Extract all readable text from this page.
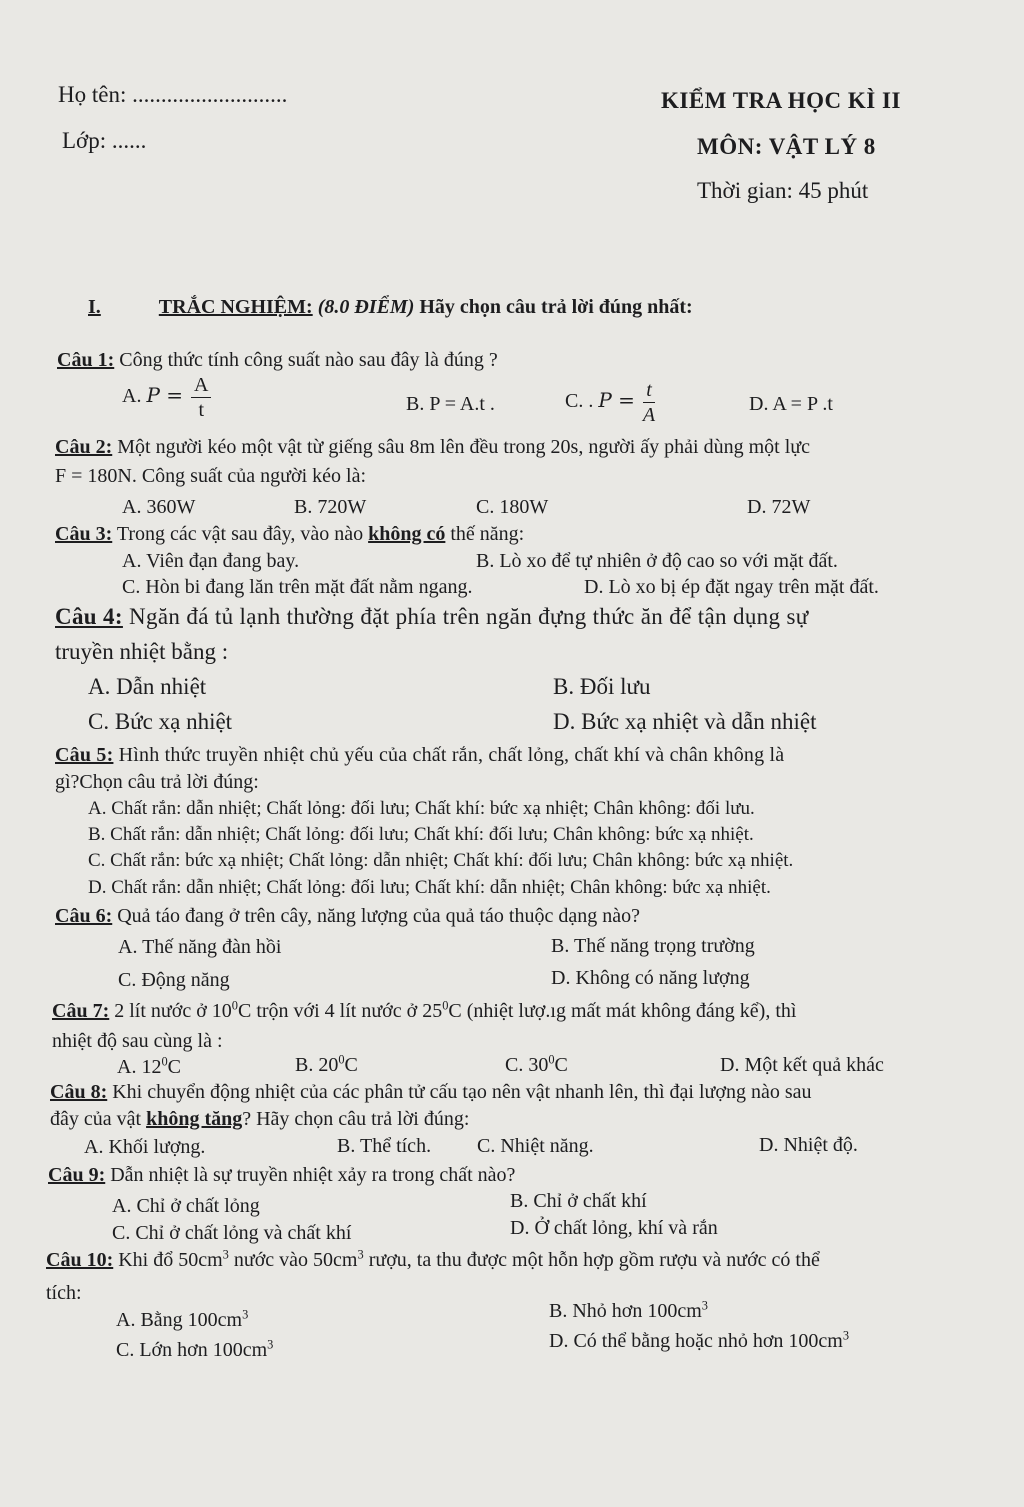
Họ tên: ...........................
Lớp: ......
KIỂM TRA HỌC KÌ II
MÔN: VẬT LÝ 8
Thời gian: 45 phút
I.	TRẮC NGHIỆM: (8.0 ĐIỂM) Hãy chọn câu trả lời đúng nhất:
Câu 1: Công thức tính công suất nào sau đây là đúng ?
A. $P = \frac{A}{t}$	B. P = A.t .	C. . $P = \frac{t}{A}$	D. A = P .t
Câu 2: Một người kéo một vật từ giếng sâu 8m lên đều trong 20s, người ấy phải dùng một lực
F = 180N. Công suất của người kéo là:
A. 360W	B. 720W	C. 180W	D. 72W
Câu 3: Trong các vật sau đây, vào nào không có thế năng:
A. Viên đạn đang bay.	B. Lò xo để tự nhiên ở độ cao so với mặt đất.
C. Hòn bi đang lăn trên mặt đất nằm ngang.	D. Lò xo bị ép đặt ngay trên mặt đất.
Câu 4: Ngăn đá tủ lạnh thường đặt phía trên ngăn đựng thức ăn để tận dụng sự
truyền nhiệt bằng :
A. Dẫn nhiệt	B. Đối lưu
C. Bức xạ nhiệt	D. Bức xạ nhiệt và dẫn nhiệt
Câu 5: Hình thức truyền nhiệt chủ yếu của chất rắn, chất lỏng, chất khí và chân không là
gì?Chọn câu trả lời đúng:
A. Chất rắn: dẫn nhiệt; Chất lỏng: đối lưu; Chất khí: bức xạ nhiệt; Chân không: đối lưu.
B. Chất rắn: dẫn nhiệt; Chất lỏng: đối lưu; Chất khí: đối lưu; Chân không: bức xạ nhiệt.
C. Chất rắn: bức xạ nhiệt; Chất lỏng: dẫn nhiệt; Chất khí: đối lưu; Chân không: bức xạ nhiệt.
D. Chất rắn: dẫn nhiệt; Chất lỏng: đối lưu; Chất khí: dẫn nhiệt; Chân không: bức xạ nhiệt.
Câu 6: Quả táo đang ở trên cây, năng lượng của quả táo thuộc dạng nào?
A. Thế năng đàn hồi	B. Thế năng trọng trường
C. Động năng	D. Không có năng lượng
Câu 7: 2 lít nước ở $10^0C$ trộn với 4 lít nước ở $25^0C$ (nhiệt lượ.ıg mất mát không đáng kể), thì
nhiệt độ sau cùng là :
A. $12^0C$	B. $20^0C$	C. $30^0C$	D. Một kết quả khác
Câu 8: Khi chuyển động nhiệt của các phân tử cấu tạo nên vật nhanh lên, thì đại lượng nào sau
đây của vật không tăng? Hãy chọn câu trả lời đúng:
A. Khối lượng.	B. Thể tích. C. Nhiệt năng.	D. Nhiệt độ.
Câu 9: Dẫn nhiệt là sự truyền nhiệt xảy ra trong chất nào?
A. Chỉ ở chất lỏng	B. Chỉ ở chất khí
C. Chỉ ở chất lỏng và chất khí	D. Ở chất lỏng, khí và rắn
Câu 10: Khi đổ $50cm^3$ nước vào $50cm^3$ rượu, ta thu được một hỗn hợp gồm rượu và nước có thể
tích:
A. Bằng $100cm^3$	B. Nhỏ hơn $100cm^3$
C. Lớn hơn $100cm^3$	D. Có thể bằng hoặc nhỏ hơn $100cm^3$
